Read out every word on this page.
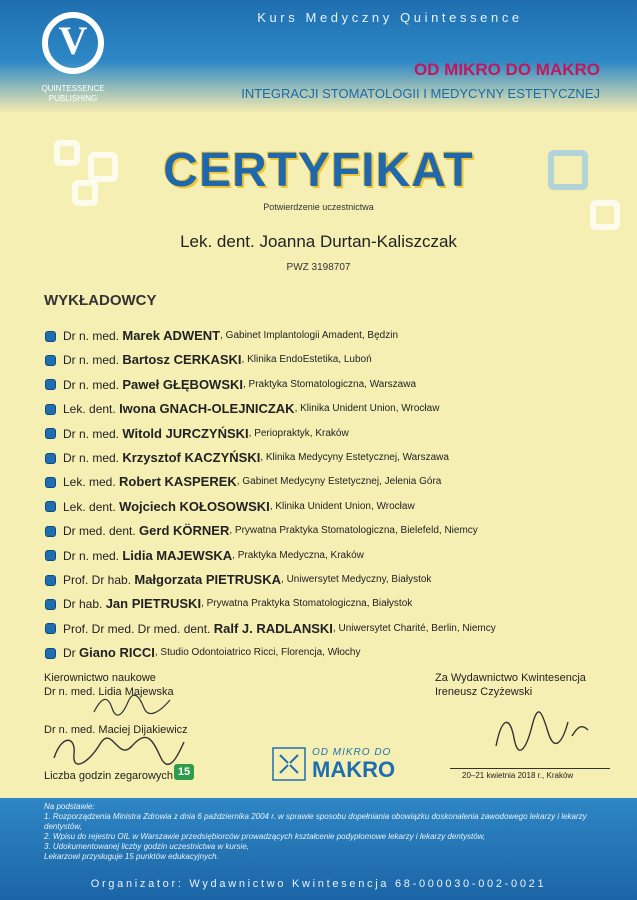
V
QUINTESSENCE
PUBLISHING
Kurs Medyczny Quintessence
OD MIKRO DO MAKRO
INTEGRACJI STOMATOLOGII I MEDYCYNY ESTETYCZNEJ
CERTYFIKAT
Potwierdzenie uczestnictwa
Lek. dent. Joanna Durtan-Kaliszczak
PWZ 3198707
WYKŁADOWCY
Dr n. med.
Marek ADWENT , Gabinet Implantologii Amadent, Będzin
Dr n. med.
Bartosz CERKASKI , Klinika EndoEstetika, Luboń
Dr n. med.
Paweł GŁĘBOWSKI , Praktyka Stomatologiczna, Warszawa
Lek. dent.
Iwona GNACH-OLEJNICZAK , Klinika Unident Union, Wrocław
Dr n. med.
Witold JURCZYŃSKI , Periopraktyk, Kraków
Dr n. med.
Krzysztof KACZYŃSKI , Klinika Medycyny Estetycznej, Warszawa
Lek. med.
Robert KASPEREK , Gabinet Medycyny Estetycznej, Jelenia Góra
Lek. dent.
Wojciech KOŁOSOWSKI , Klinika Unident Union, Wrocław
Dr med. dent.
Gerd KÖRNER , Prywatna Praktyka Stomatologiczna, Bielefeld, Niemcy
Dr n. med.
Lidia MAJEWSKA , Praktyka Medyczna, Kraków
Prof. Dr hab.
Małgorzata PIETRUSKA , Uniwersytet Medyczny, Białystok
Dr hab.
Jan PIETRUSKI , Prywatna Praktyka Stomatologiczna, Białystok
Prof. Dr med. Dr med. dent.
Ralf J. RADLANSKI , Uniwersytet Charité, Berlin, Niemcy
Dr
Giano RICCI , Studio Odontoiatrico Ricci, Florencja, Włochy
Kierownictwo naukowe
Dr n. med. Lidia Majewska
Dr n. med. Maciej Dijakiewicz
Liczba godzin zegarowych 15
OD MIKRO DO
MAKRO
Za Wydawnictwo Kwintesencja
Ireneusz Czyżewski
20–21 kwietnia 2018 r., Kraków
Na podstawie:
1. Rozporządzenia Ministra Zdrowia z dnia 6 października 2004 r. w sprawie sposobu dopełniania obowiązku doskonalenia zawodowego lekarzy i lekarzy dentystów,
2. Wpisu do rejestru OIL w Warszawie przedsiębiorców prowadzących kształcenie podyplomowe lekarzy i lekarzy dentystów,
3. Udokumentowanej liczby godzin uczestnictwa w kursie,
Lekarzowi przysługuje 15 punktów edukacyjnych.
Organizator: Wydawnictwo Kwintesencja 68-000030-002-0021
